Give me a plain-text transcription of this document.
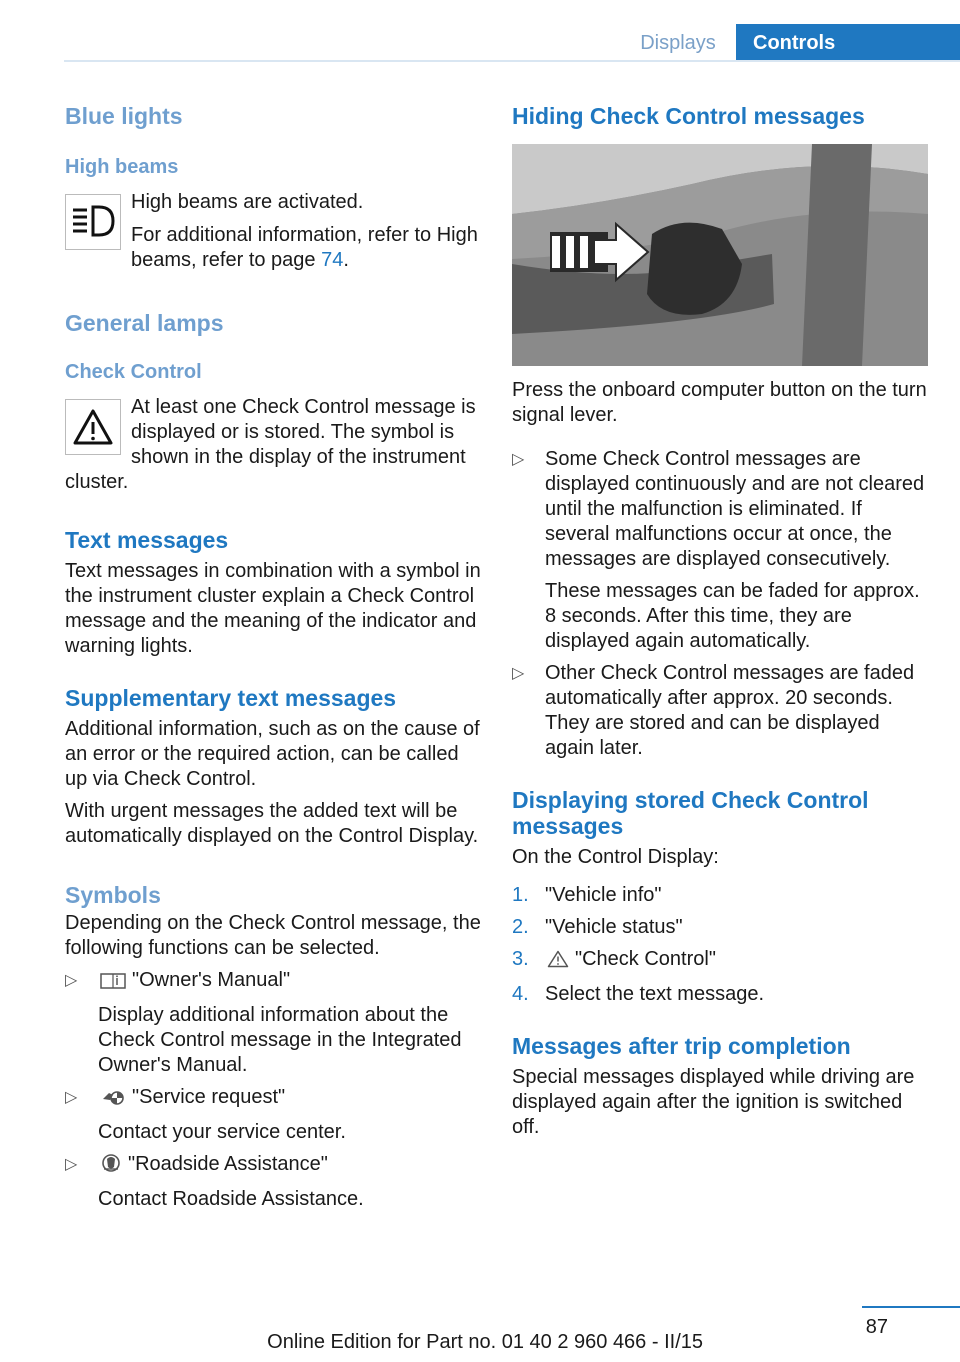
Displays	Controls
Blue lights
High beams

High beams are activated.

For additional information, refer to High beams, refer to page 74.

General lamps
Check Control

At least one Check Control message is displayed or is stored. The symbol is shown in the display of the instrument cluster.

Text messages

Text messages in combination with a symbol in the instrument cluster explain a Check Control message and the meaning of the indicator and warning lights.

Supplementary text messages

Additional information, such as on the cause of an error or the required action, can be called up via Check Control.

With urgent messages the added text will be automatically displayed on the Control Display.

Symbols

Depending on the Check Control message, the following functions can be selected.

▷	"Owner's Manual"

Display additional information about the Check Control message in the Integrated Owner's Manual.

▷	"Service request"

Contact your service center.

▷	"Roadside Assistance"

Contact Roadside Assistance.

Hiding Check Control messages

Press the onboard computer button on the turn signal lever.

▷	Some Check Control messages are displayed continuously and are not cleared until the malfunction is eliminated. If several malfunctions occur at once, the messages are displayed consecutively.

These messages can be faded for approx. 8 seconds. After this time, they are displayed again automatically.

▷	Other Check Control messages are faded automatically after approx. 20 seconds. They are stored and can be displayed again later.

Displaying stored Check Control messages

On the Control Display:

1. "Vehicle info"
2. "Vehicle status"
3.	"Check Control"
4. Select the text message.
Messages after trip completion

Special messages displayed while driving are displayed again after the ignition is switched off.

87
Online Edition for Part no. 01 40 2 960 466 - II/15
